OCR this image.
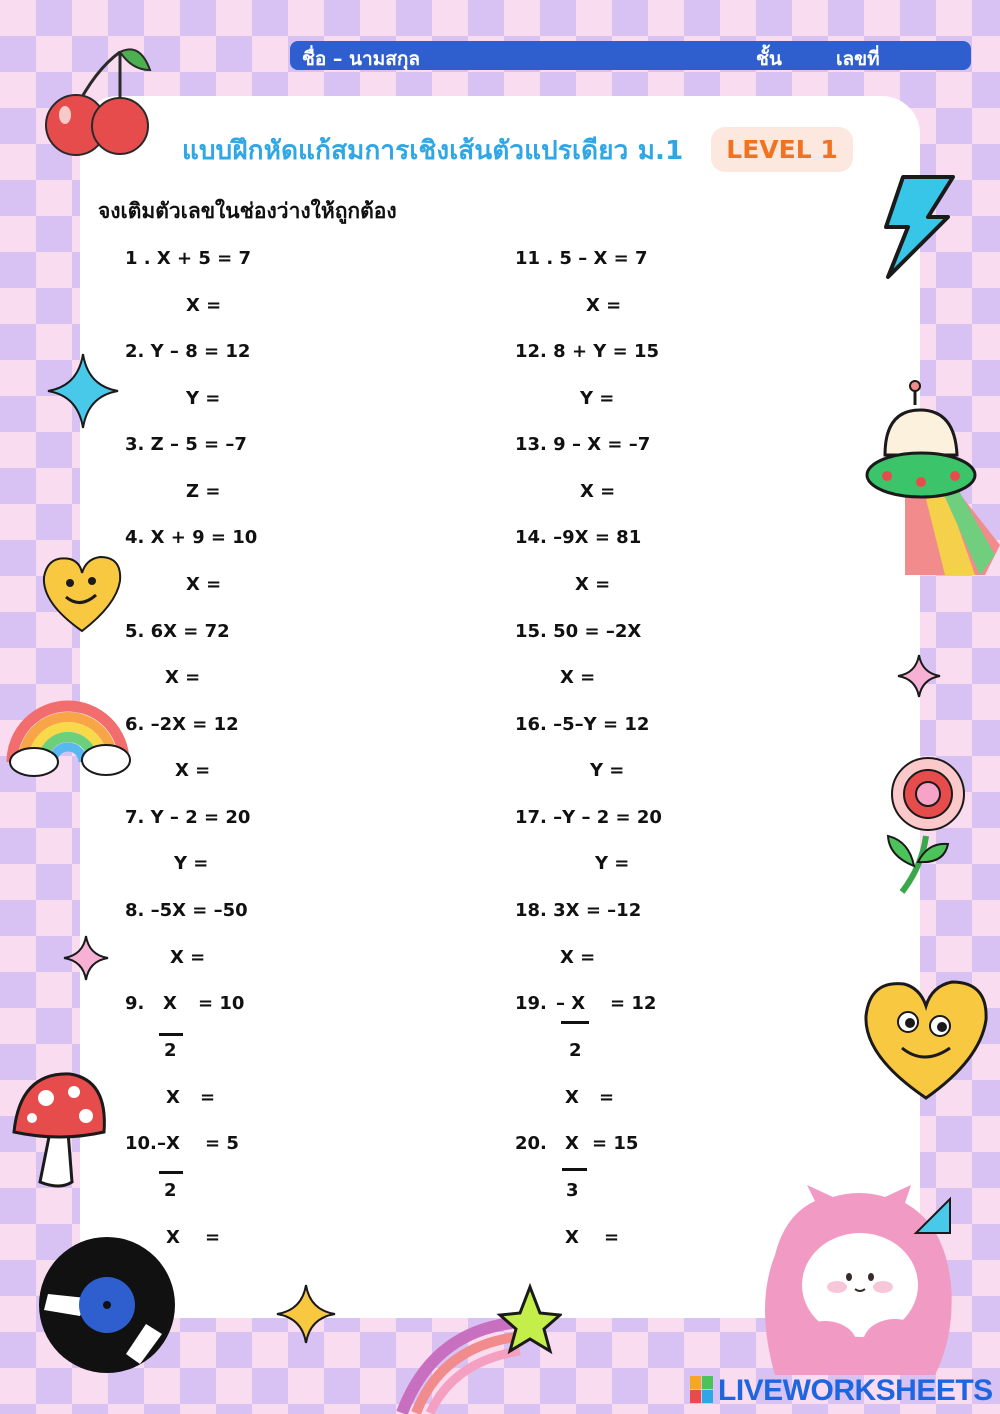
ชื่อ – นามสกุล	ชั้น	เลขที่
แบบฝึกหัดแก้สมการเชิงเส้นตัวแปรเดียว ม.1	LEVEL 1
จงเติมตัวเลขในช่องว่างให้ถูกต้อง
1 . X + 5 = 7
X =
2. Y – 8 = 12
Y =
3. Z – 5 = –7
Z =
4. X + 9 = 10
X =
5. 6X = 72
X =
6. –2X = 12
X =
7. Y – 2 = 20
Y =
8. –5X = –50
X =
9. X = 10
2
X =
10. –X = 5
2
X =
11 . 5 – X = 7
X =
12. 8 + Y = 15
Y =
13. 9 – X = –7
X =
14. –9X = 81
X =
15. 50 = –2X
X =
16. –5–Y = 12
Y =
17. –Y – 2 = 20
Y =
18. 3X = –12
X =
19. – X = 12
2
X =
20. X = 15
3
X =
LIVEWORKSHEETS
